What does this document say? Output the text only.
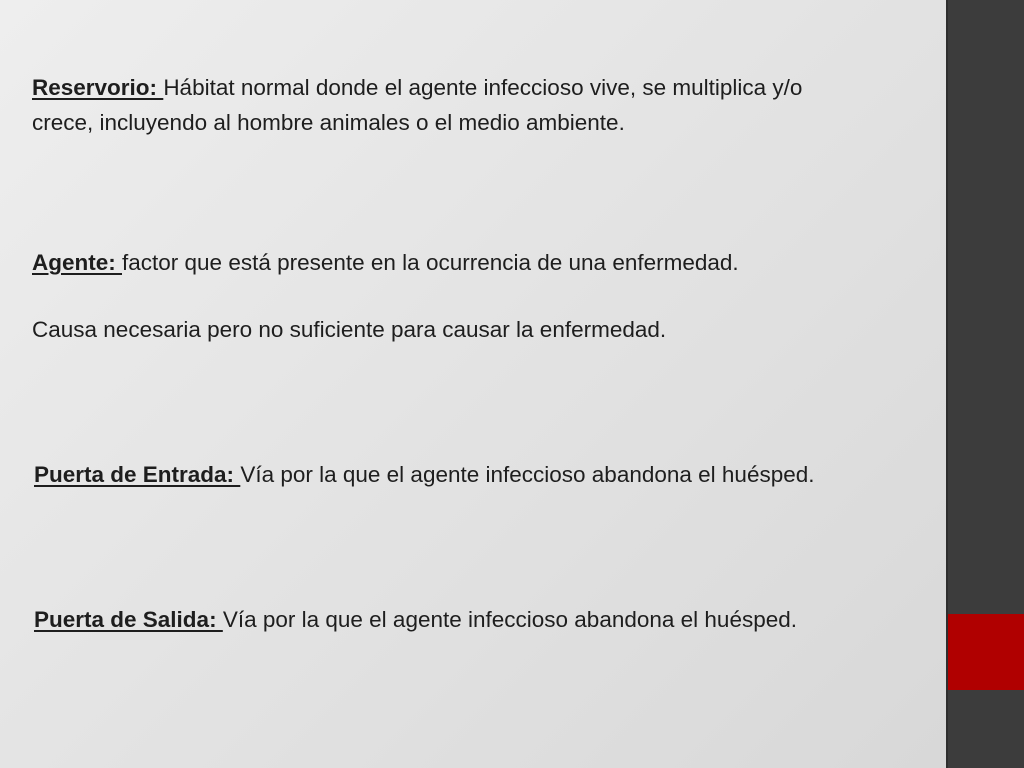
Reservorio: Hábitat normal donde el agente infeccioso vive, se multiplica y/o
crece, incluyendo al hombre animales o el medio ambiente.

Agente: factor que está presente en la ocurrencia de una enfermedad.

Causa necesaria pero no suficiente para causar la enfermedad.

Puerta de Entrada: Vía por la que el agente infeccioso abandona el huésped.

Puerta de Salida: Vía por la que el agente infeccioso abandona el huésped.
